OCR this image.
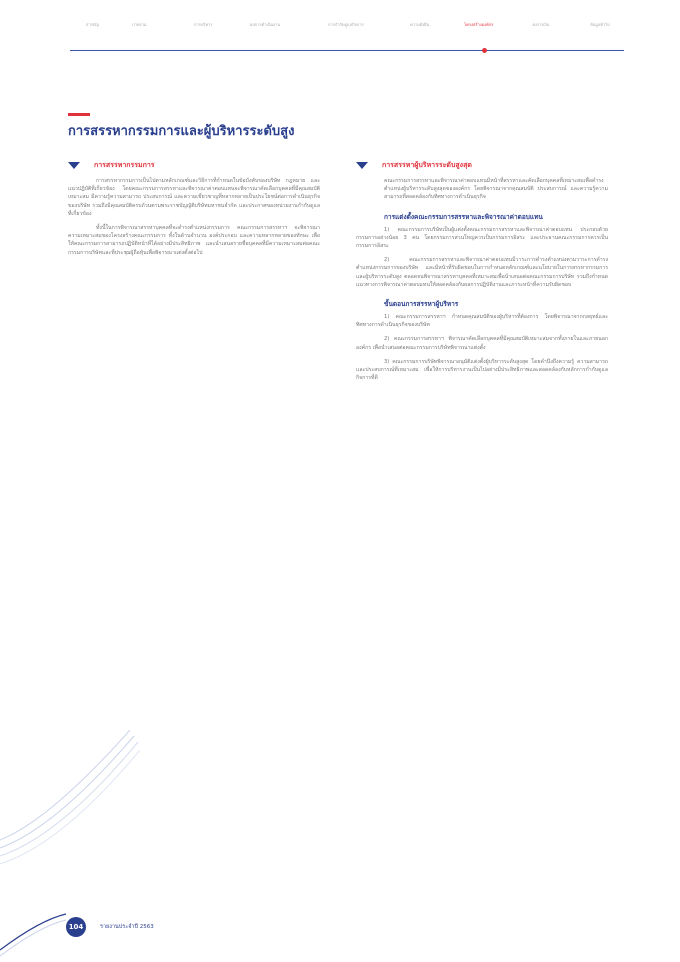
สารบัญ	ภาพรวม	การบริหาร	ผลการดำเนินงาน	การกำกับดูแลกิจการ	ความยั่งยืน	โครงสร้างองค์กร	งบการเงิน	ข้อมูลทั่วไป
การสรรหากรรมการและผู้บริหารระดับสูง
การสรรหากรรมการ

การสรรหากรรมการเป็นไปตามหลักเกณฑ์และวิธีการที่กำหนดในข้อบังคับของบริษัท กฎหมาย และแนวปฏิบัติที่เกี่ยวข้อง โดยคณะกรรมการสรรหาและพิจารณาค่าตอบแทนจะพิจารณาคัดเลือกบุคคลที่มีคุณสมบัติเหมาะสม มีความรู้ความสามารถ ประสบการณ์ และความเชี่ยวชาญที่หลากหลายเป็นประโยชน์ต่อการดำเนินธุรกิจของบริษัท รวมถึงมีคุณสมบัติครบถ้วนตามพระราชบัญญัติบริษัทมหาชนจำกัด และประกาศของหน่วยงานกำกับดูแลที่เกี่ยวข้อง

ทั้งนี้ในการพิจารณาสรรหาบุคคลที่จะดำรงตำแหน่งกรรมการ คณะกรรมการสรรหาฯ จะพิจารณาความเหมาะสมของโครงสร้างคณะกรรมการ ทั้งในด้านจำนวน องค์ประกอบ และความหลากหลายของทักษะ เพื่อให้คณะกรรมการสามารถปฏิบัติหน้าที่ได้อย่างมีประสิทธิภาพ และนำเสนอรายชื่อบุคคลที่มีความเหมาะสมต่อคณะกรรมการบริษัทและที่ประชุมผู้ถือหุ้นเพื่อพิจารณาแต่งตั้งต่อไป

การสรรหาผู้บริหารระดับสูงสุด

คณะกรรมการสรรหาและพิจารณาค่าตอบแทนมีหน้าที่สรรหาและคัดเลือกบุคคลที่เหมาะสมเพื่อดำรงตำแหน่งผู้บริหารระดับสูงสุดขององค์กร โดยพิจารณาจากคุณสมบัติ ประสบการณ์ และความรู้ความสามารถที่สอดคล้องกับทิศทางการดำเนินธุรกิจ

การแต่งตั้งคณะกรรมการสรรหาและพิจารณาค่าตอบแทน

1) คณะกรรมการบริษัทเป็นผู้แต่งตั้งคณะกรรมการสรรหาและพิจารณาค่าตอบแทน ประกอบด้วยกรรมการอย่างน้อย 3 คน โดยกรรมการส่วนใหญ่ควรเป็นกรรมการอิสระ และประธานคณะกรรมการควรเป็นกรรมการอิสระ

2) คณะกรรมการสรรหาและพิจารณาค่าตอบแทนมีวาระการดำรงตำแหน่งตามวาระการดำรงตำแหน่งกรรมการของบริษัท และมีหน้าที่รับผิดชอบในการกำหนดหลักเกณฑ์และนโยบายในการสรรหากรรมการและผู้บริหารระดับสูง ตลอดจนพิจารณาสรรหาบุคคลที่เหมาะสมเพื่อนำเสนอต่อคณะกรรมการบริษัท รวมถึงกำหนดแนวทางการพิจารณาค่าตอบแทนให้สอดคล้องกับผลการปฏิบัติงานและภาระหน้าที่ความรับผิดชอบ

ขั้นตอนการสรรหาผู้บริหาร

1) คณะกรรมการสรรหาฯ กำหนดคุณสมบัติของผู้บริหารที่ต้องการ โดยพิจารณาจากกลยุทธ์และทิศทางการดำเนินธุรกิจของบริษัท

2) คณะกรรมการสรรหาฯ พิจารณาคัดเลือกบุคคลที่มีคุณสมบัติเหมาะสมจากทั้งภายในและภายนอกองค์กร เพื่อนำเสนอต่อคณะกรรมการบริษัทพิจารณาแต่งตั้ง

3) คณะกรรมการบริษัทพิจารณาอนุมัติแต่งตั้งผู้บริหารระดับสูงสุด โดยคำนึงถึงความรู้ ความสามารถ และประสบการณ์ที่เหมาะสม เพื่อให้การบริหารงานเป็นไปอย่างมีประสิทธิภาพและสอดคล้องกับหลักการกำกับดูแลกิจการที่ดี

104	รายงานประจำปี 2563
